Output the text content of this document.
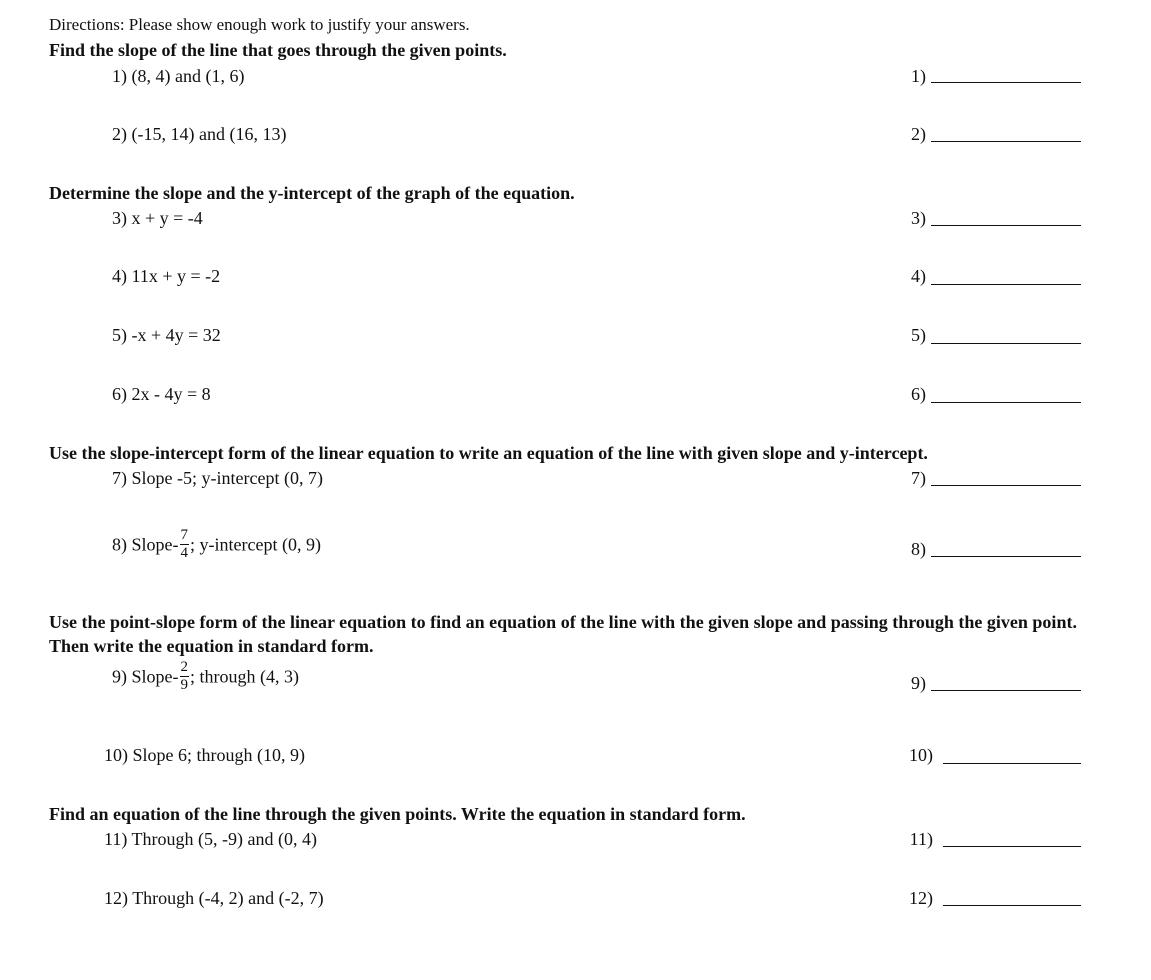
Directions: Please show enough work to justify your answers.
Find the slope of the line that goes through the given points.
1) (8, 4) and (1, 6)	1)
2) (-15, 14) and (16, 13)	2)
Determine the slope and the y-intercept of the graph of the equation.
3) x + y = -4	3)
4) 11x + y = -2	4)
5) -x + 4y = 32	5)
6) 2x - 4y = 8	6)
Use the slope-intercept form of the linear equation to write an equation of the line with given slope and y-intercept.
7) Slope -5; y-intercept (0, 7)	7)
8) Slope- $\frac{7}{4}$ ; y-intercept (0, 9)	8)
Use the point-slope form of the linear equation to find an equation of the line with the given slope and passing through the given point. Then write the equation in standard form.
9) Slope- $\frac{2}{9}$ ; through (4, 3)	9)
10) Slope 6; through (10, 9)	10)
Find an equation of the line through the given points. Write the equation in standard form.
11) Through (5, -9) and (0, 4)	11)
12) Through (-4, 2) and (-2, 7)	12)
